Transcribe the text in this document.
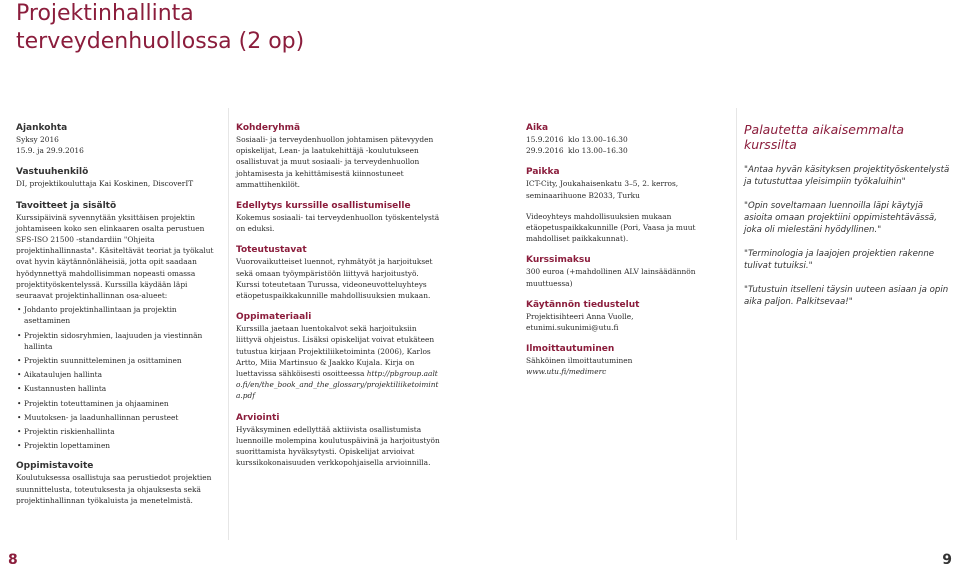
Projektinhallinta
terveydenhuollossa (2 op)
Ajankohta

Syksy 2016

15.9. ja 29.9.2016

Vastuuhenkilö

DI, projektikouluttaja Kai Koskinen, DiscoverIT

Tavoitteet ja sisältö

Kurssipäivinä syvennytään yksittäisen projektin johtamiseen koko sen elinkaaren osalta perustuen SFS-ISO 21500 -standardiin "Ohjeita projektinhallinnasta". Käsiteltävät teoriat ja työkalut ovat hyvin käytännönläheisiä, jotta opit saadaan hyödynnettyä mahdollisimman nopeasti omassa projektityöskentelyssä. Kurssilla käydään läpi seuraavat projektinhallinnan osa-alueet:

• Johdanto projektinhallintaan ja projektin asettaminen
• Projektin sidosryhmien, laajuuden ja viestinnän hallinta
• Projektin suunnitteleminen ja osittaminen
• Aikataulujen hallinta
• Kustannusten hallinta
• Projektin toteuttaminen ja ohjaaminen
• Muutoksen- ja laadunhallinnan perusteet
• Projektin riskienhallinta
• Projektin lopettaminen
Oppimistavoite

Koulutuksessa osallistuja saa perustiedot projektien suunnittelusta, toteutuksesta ja ohjauksesta sekä projektinhallinnan työkaluista ja menetelmistä.

Kohderyhmä

Sosiaali- ja terveydenhuollon johtamisen pätevyyden opiskelijat, Lean- ja laatukehittäjä -koulutukseen osallistuvat ja muut sosiaali- ja terveydenhuollon johtamisesta ja kehittämisestä kiinnostuneet ammattihenkilöt.

Edellytys kurssille osallistumiselle

Kokemus sosiaali- tai terveydenhuollon työskentelystä on eduksi.

Toteutustavat

Vuorovaikutteiset luennot, ryhmätyöt ja harjoitukset sekä omaan työympäristöön liittyvä harjoitustyö. Kurssi toteutetaan Turussa, videoneuvotteluyhteys etäopetuspaikkakunnille mahdollisuuksien mukaan.

Oppimateriaali

Kurssilla jaetaan luentokalvot sekä harjoituksiin liittyvä ohjeistus. Lisäksi opiskelijat voivat etukäteen tutustua kirjaan Projektiliiketoiminta (2006), Karlos Artto, Miia Martinsuo & Jaakko Kujala. Kirja on luettavissa sähköisesti osoitteessa http://pbgroup.aalto.fi/en/the_book_and_the_glossary/projektiliiketoiminta.pdf

Arviointi

Hyväksyminen edellyttää aktiivista osallistumista luennoille molempina koulutuspäivinä ja harjoitustyön suorittamista hyväksytysti. Opiskelijat arvioivat kurssikokonaisuuden verkkopohjaisella arvioinnilla.

Aika
15.9.2016 klo 13.00–16.30
29.9.2016 klo 13.00–16.30
Paikka

ICT-City, Joukahaisenkatu 3–5, 2. kerros, seminaarihuone B2033, Turku

Videoyhteys mahdollisuuksien mukaan etäopetuspaikkakunnille (Pori, Vaasa ja muut mahdolliset paikkakunnat).

Kurssimaksu

300 euroa (+mahdollinen ALV lainsäädännön muuttuessa)

Käytännön tiedustelut

Projektisihteeri Anna Vuolle, etunimi.sukunimi@utu.fi

Ilmoittautuminen

Sähköinen ilmoittautuminen

www.utu.fi/medimerc

Palautetta aikaisemmalta kurssilta

"Antaa hyvän käsityksen projektityöskentelystä ja tutustuttaa yleisimpiin työkaluihin"

"Opin soveltamaan luennoilla läpi käytyjä asioita omaan projektiini oppimistehtävässä, joka oli mielestäni hyödyllinen."

"Terminologia ja laajojen projektien rakenne tulivat tutuiksi."

"Tutustuin itselleni täysin uuteen asiaan ja opin aika paljon. Palkitsevaa!"

8	9
